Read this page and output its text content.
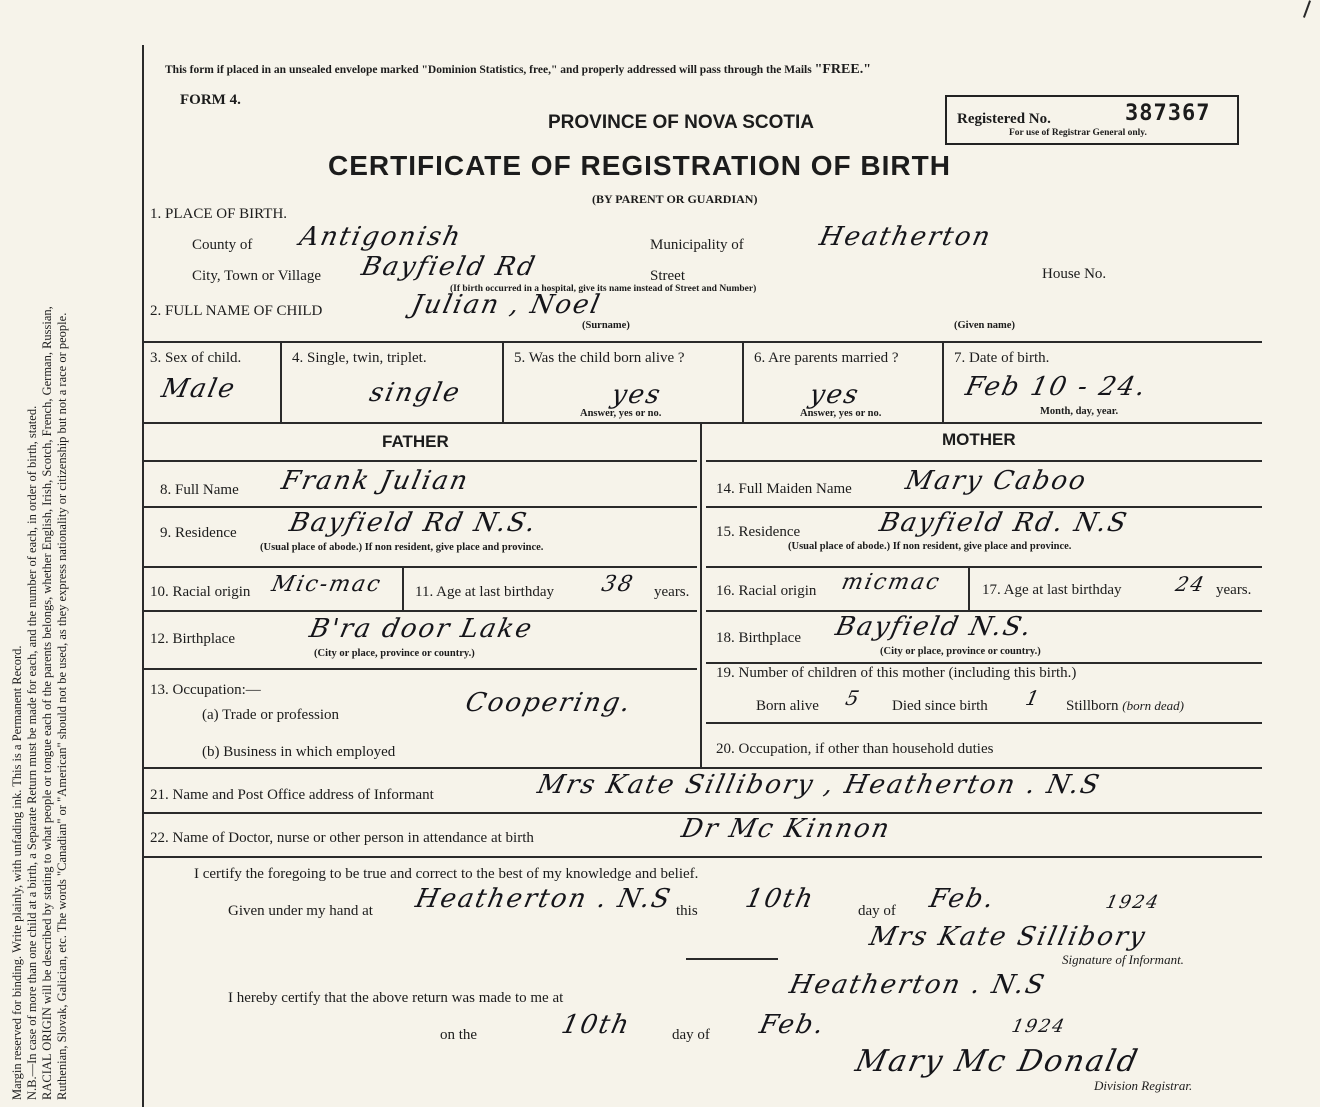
Margin reserved for binding. Write plainly, with unfading ink. This is a Permanent Record. N.B.—In case of more than one child at a birth, a Separate Return must be made for each, and the number of each, in order of birth, stated. RACIAL ORIGIN will be described by stating to what people or tongue each of the parents belongs, whether English, Irish, Scotch, French, German, Russian, Ruthenian, Slovak, Galician, etc. The words "Canadian" or "American" should not be used, as they express nationality or citizenship but not a race or people.
This form if placed in an unsealed envelope marked "Dominion Statistics, free," and properly addressed will pass through the Mails "FREE."
FORM 4.
PROVINCE OF NOVA SCOTIA
CERTIFICATE OF REGISTRATION OF BIRTH
(BY PARENT OR GUARDIAN)
Registered No.	387367
For use of Registrar General only.
1. PLACE OF BIRTH.
County of Antigonish	Municipality of	Heatherton
City, Town or Village Bayfield Rd	Street	House No.
(If birth occurred in a hospital, give its name instead of Street and Number)
2. FULL NAME OF CHILD	Julian , Noel
(Surname)	(Given name)
3. Sex of child.
Male
4. Single, twin, triplet.
single
5. Was the child born alive ?
yes
Answer, yes or no.
6. Are parents married ?
yes
Answer, yes or no.
7. Date of birth.
Feb 10 - 24.
Month, day, year.
FATHER	MOTHER
8. Full Name Frank Julian
9. Residence Bayfield Rd N.S.
(Usual place of abode.) If non resident, give place and province.
10. Racial origin Mic-mac 11. Age at last birthday 38 years.
12. Birthplace	B'ra door Lake
(City or place, province or country.)
13. Occupation:—
(a) Trade or profession	Coopering.
(b) Business in which employed
14. Full Maiden Name Mary Caboo
15. Residence	Bayfield Rd. N.S
(Usual place of abode.) If non resident, give place and province.
16. Racial origin micmac	17. Age at last birthday	24 years.
18. Birthplace Bayfield N.S.
(City or place, province or country.)
19. Number of children of this mother (including this birth.)
Born alive 5 Died since birth 1 Stillborn (born dead)
20. Occupation, if other than household duties
21. Name and Post Office address of Informant	Mrs Kate Sillibory , Heatherton . N.S
22. Name of Doctor, nurse or other person in attendance at birth	Dr Mc Kinnon
I certify the foregoing to be true and correct to the best of my knowledge and belief.
Given under my hand at Heatherton . N.S this 10th	day of Feb.	1924
Mrs Kate Sillibory
Signature of Informant.
I hereby certify that the above return was made to me at	Heatherton . N.S
on the	10th	day of Feb.	1924
Mary Mc Donald
Division Registrar.
